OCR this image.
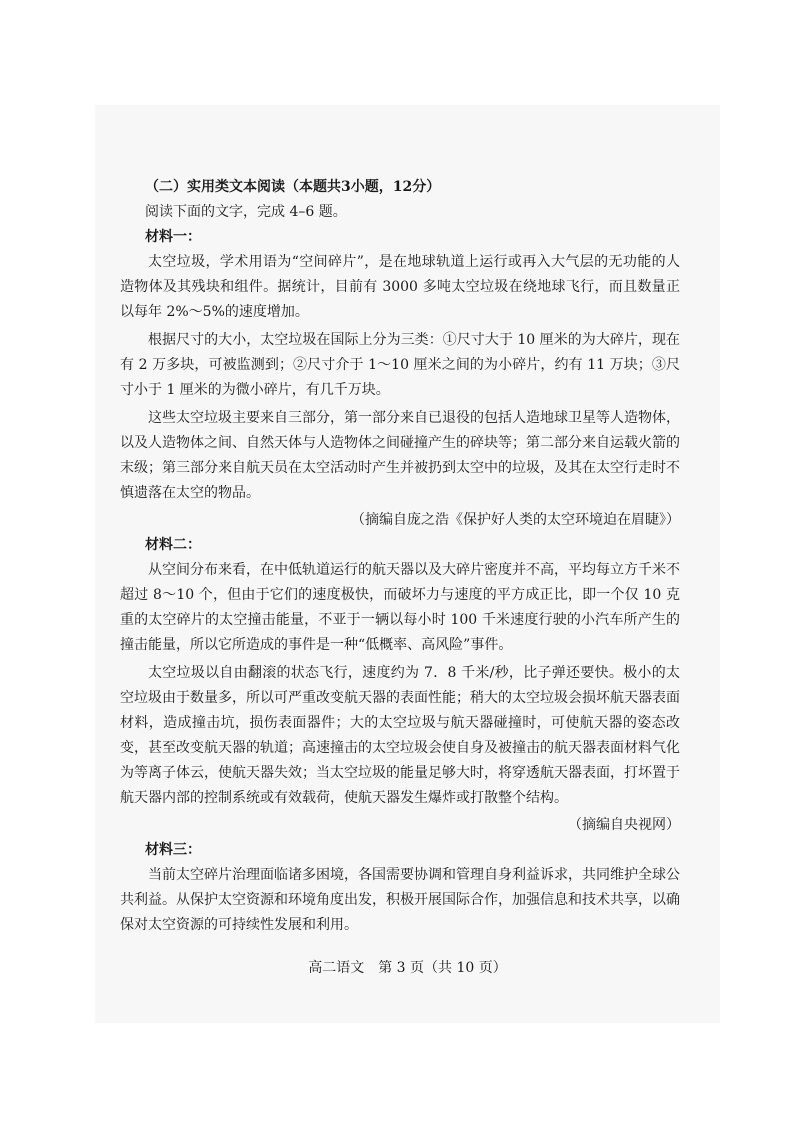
（二）实用类文本阅读（本题共3小题，12分）
阅读下面的文字，完成 4–6 题。
材料一：

太空垃圾，学术用语为“空间碎片”，是在地球轨道上运行或再入大气层的无功能的人造物体及其残块和组件。据统计，目前有 3000 多吨太空垃圾在绕地球飞行，而且数量正以每年 2%～5%的速度增加。

根据尺寸的大小，太空垃圾在国际上分为三类：①尺寸大于 10 厘米的为大碎片，现在有 2 万多块，可被监测到；②尺寸介于 1～10 厘米之间的为小碎片，约有 11 万块；③尺寸小于 1 厘米的为微小碎片，有几千万块。

这些太空垃圾主要来自三部分，第一部分来自已退役的包括人造地球卫星等人造物体，以及人造物体之间、自然天体与人造物体之间碰撞产生的碎块等；第二部分来自运载火箭的末级；第三部分来自航天员在太空活动时产生并被扔到太空中的垃圾，及其在太空行走时不慎遗落在太空的物品。

（摘编自庞之浩《保护好人类的太空环境迫在眉睫》）

材料二：

从空间分布来看，在中低轨道运行的航天器以及大碎片密度并不高，平均每立方千米不超过 8～10 个，但由于它们的速度极快，而破坏力与速度的平方成正比，即一个仅 10 克重的太空碎片的太空撞击能量，不亚于一辆以每小时 100 千米速度行驶的小汽车所产生的撞击能量，所以它所造成的事件是一种“低概率、高风险”事件。

太空垃圾以自由翻滚的状态飞行，速度约为 7．8 千米/秒，比子弹还要快。极小的太空垃圾由于数量多，所以可严重改变航天器的表面性能；稍大的太空垃圾会损坏航天器表面材料，造成撞击坑，损伤表面器件；大的太空垃圾与航天器碰撞时，可使航天器的姿态改变，甚至改变航天器的轨道；高速撞击的太空垃圾会使自身及被撞击的航天器表面材料气化为等离子体云，使航天器失效；当太空垃圾的能量足够大时，将穿透航天器表面，打坏置于航天器内部的控制系统或有效载荷，使航天器发生爆炸或打散整个结构。

（摘编自央视网）

材料三：

当前太空碎片治理面临诸多困境，各国需要协调和管理自身利益诉求，共同维护全球公共利益。从保护太空资源和环境角度出发，积极开展国际合作，加强信息和技术共享，以确保对太空资源的可持续性发展和利用。

高二语文　第 3 页（共 10 页）
